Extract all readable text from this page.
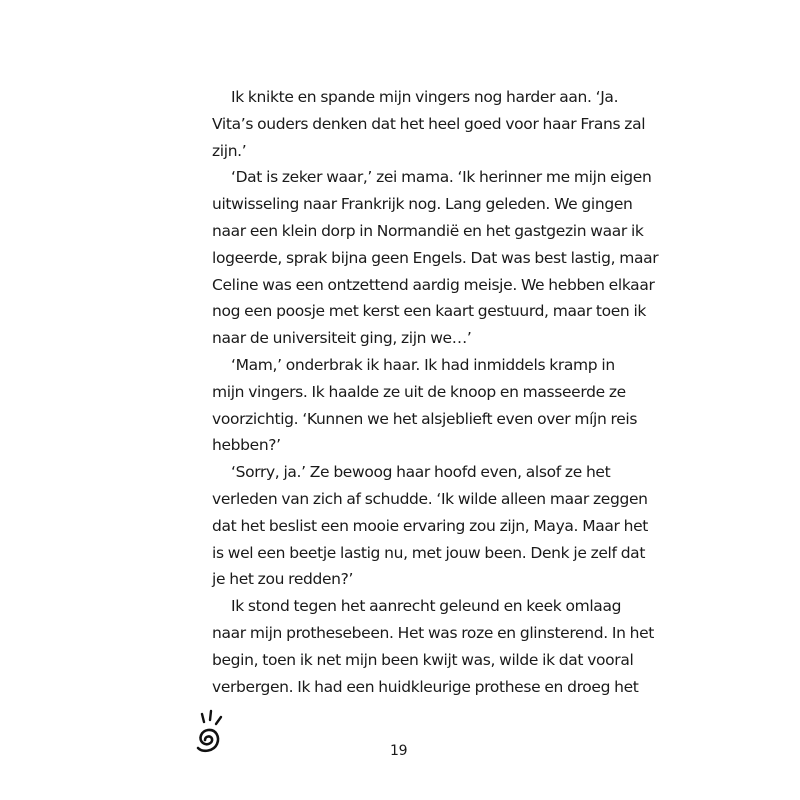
Ik knikte en spande mijn vingers nog harder aan. ‘Ja.
Vita’s ouders denken dat het heel goed voor haar Frans zal
zijn.’

‘Dat is zeker waar,’ zei mama. ‘Ik herinner me mijn eigen
uitwisseling naar Frankrijk nog. Lang geleden. We gingen
naar een klein dorp in Normandië en het gastgezin waar ik
logeerde, sprak bijna geen Engels. Dat was best lastig, maar
Celine was een ontzettend aardig meisje. We hebben elkaar
nog een poosje met kerst een kaart gestuurd, maar toen ik
naar de universiteit ging, zijn we…’

‘Mam,’ onderbrak ik haar. Ik had inmiddels kramp in
mijn vingers. Ik haalde ze uit de knoop en masseerde ze
voorzichtig. ‘Kunnen we het alsjeblieft even over míjn reis
hebben?’

‘Sorry, ja.’ Ze bewoog haar hoofd even, alsof ze het
verleden van zich af schudde. ‘Ik wilde alleen maar zeggen
dat het beslist een mooie ervaring zou zijn, Maya. Maar het
is wel een beetje lastig nu, met jouw been. Denk je zelf dat
je het zou redden?’

Ik stond tegen het aanrecht geleund en keek omlaag
naar mijn prothesebeen. Het was roze en glinsterend. In het
begin, toen ik net mijn been kwijt was, wilde ik dat vooral
verbergen. Ik had een huidkleurige prothese en droeg het

19
